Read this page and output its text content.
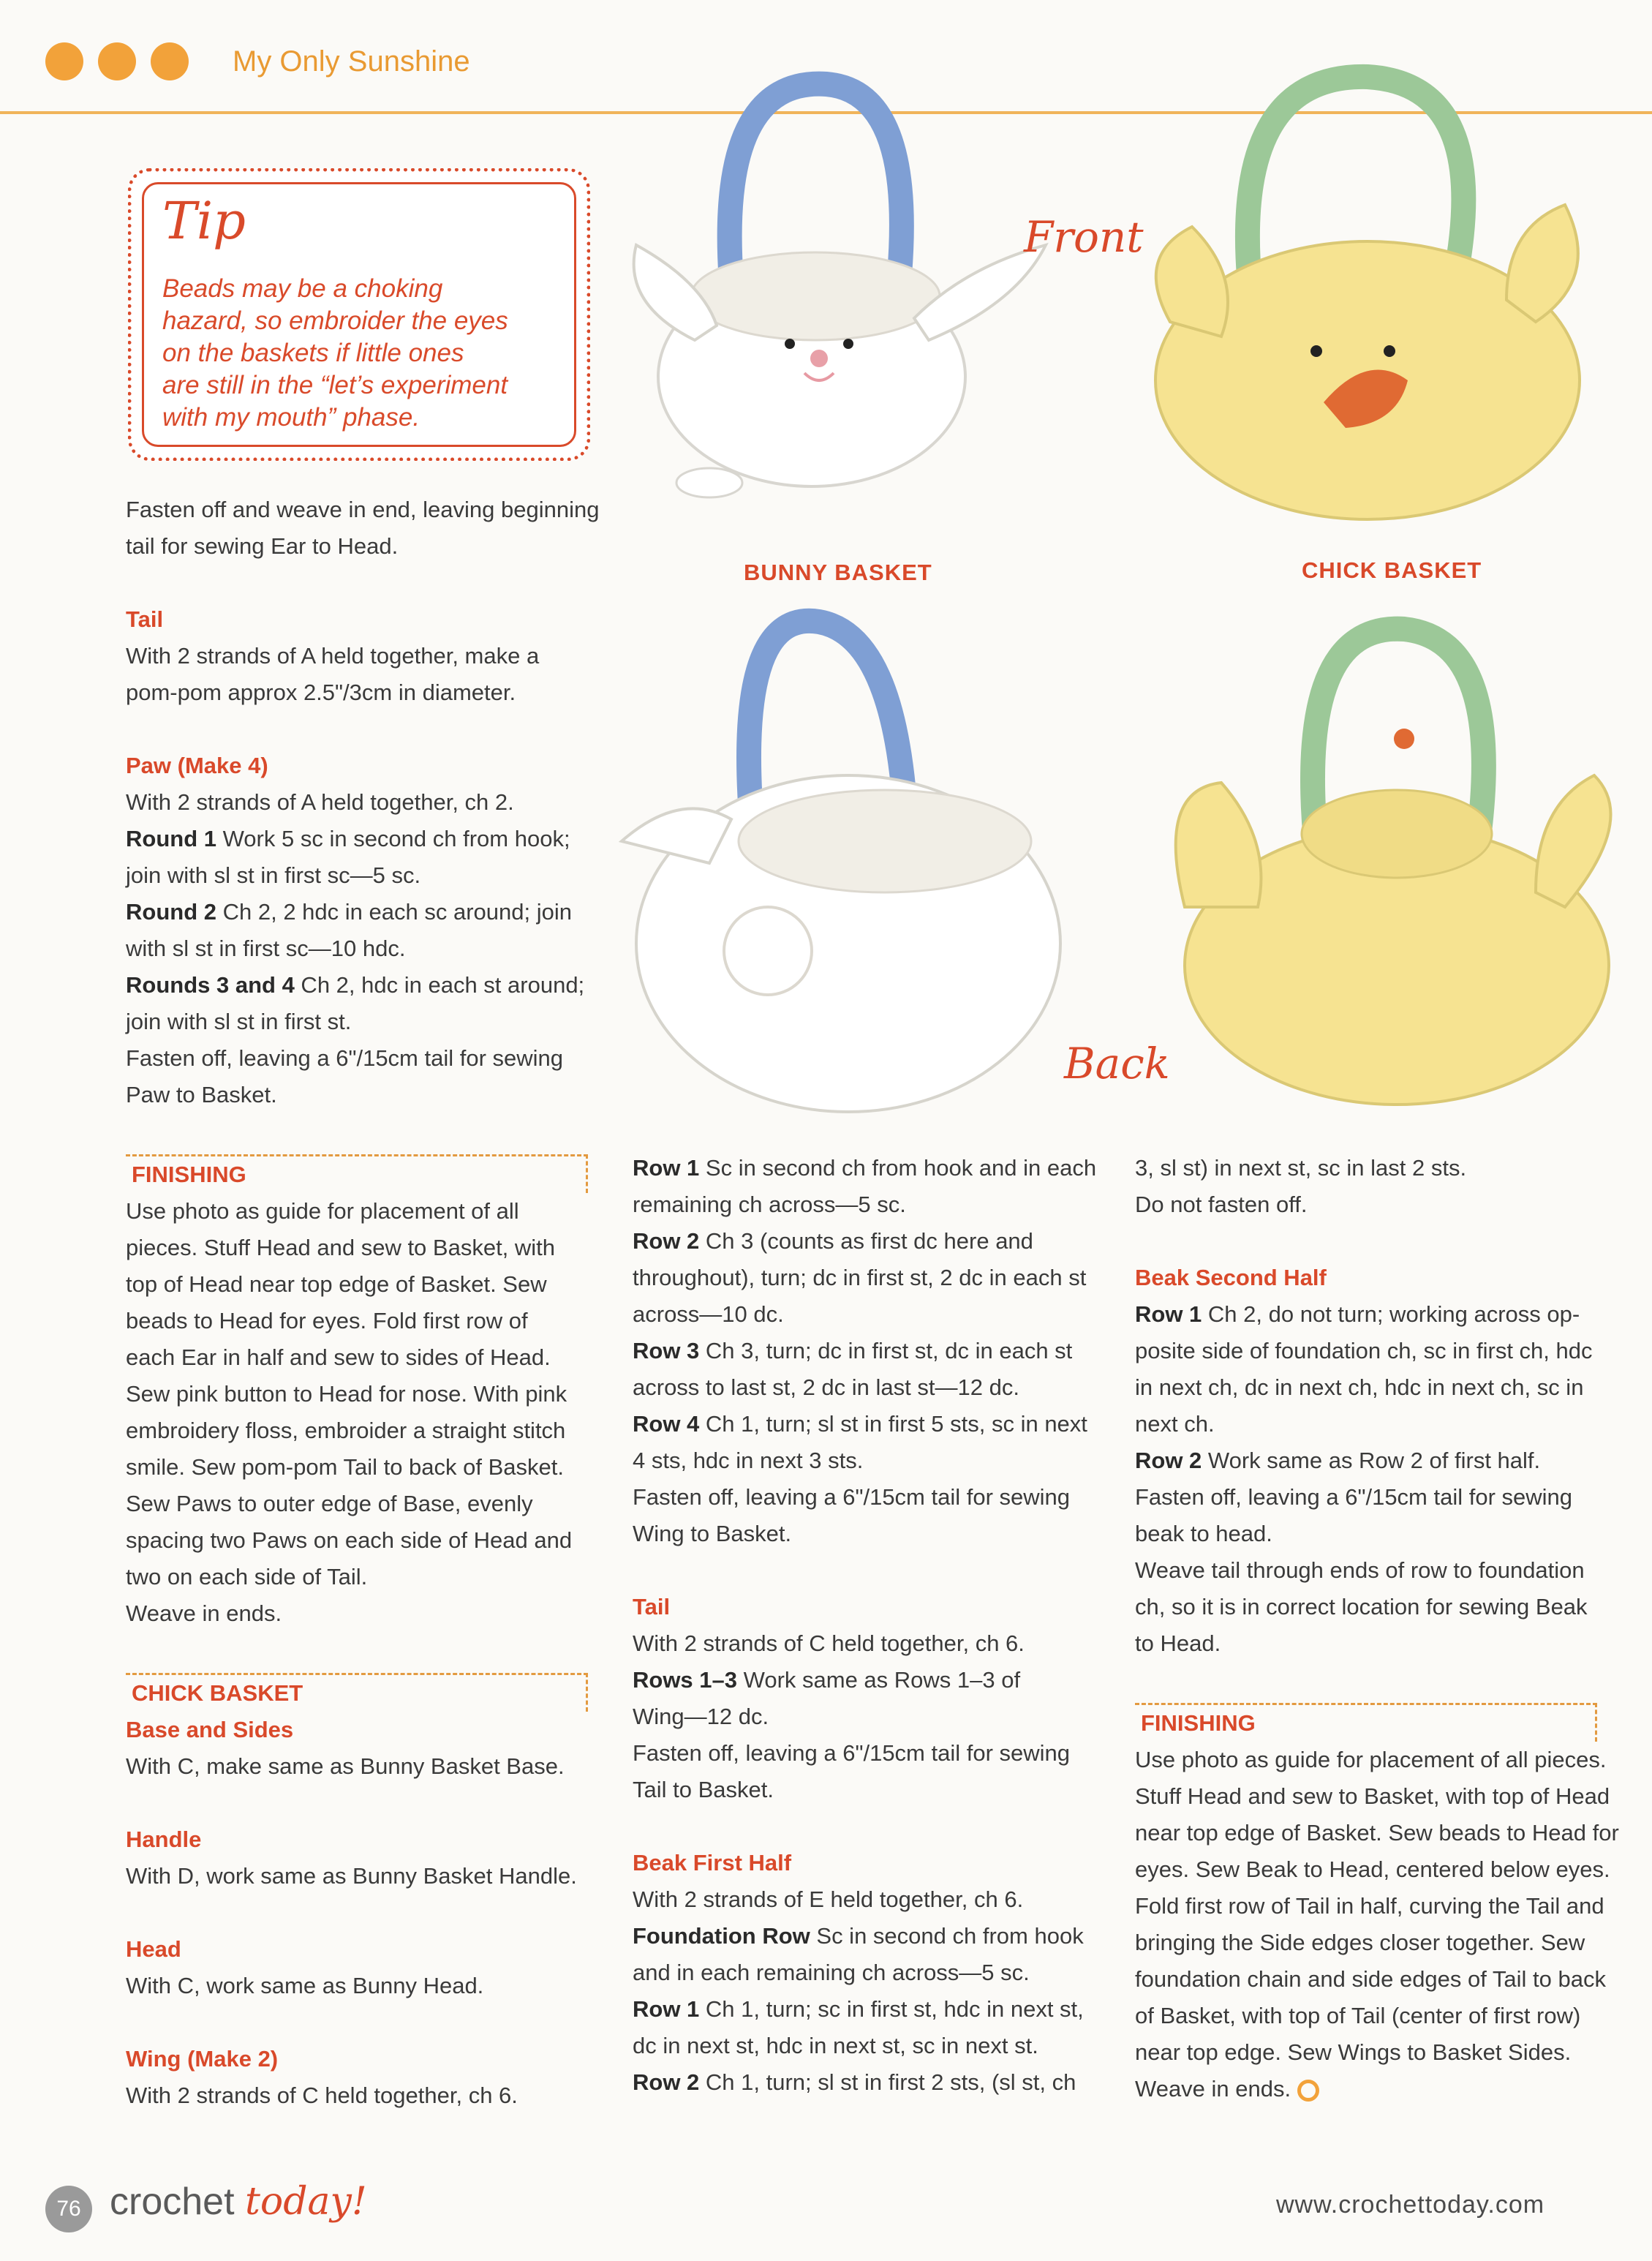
My Only Sunshine
Tip
Beads may be a choking
hazard, so embroider the eyes
on the baskets if little ones
are still in the “let’s experiment
with my mouth” phase.
BUNNY BASKET	CHICK BASKET
Front
Back

Fasten off and weave in end, leaving beginning

tail for sewing Ear to Head.

Tail

With 2 strands of A held together, make a

pom-pom approx 2.5"/3cm in diameter.

Paw (Make 4)

With 2 strands of A held together, ch 2.

Round 1 Work 5 sc in second ch from hook;

join with sl st in first sc—5 sc.

Round 2 Ch 2, 2 hdc in each sc around; join

with sl st in first sc—10 hdc.

Rounds 3 and 4 Ch 2, hdc in each st around;

join with sl st in first st.

Fasten off, leaving a 6"/15cm tail for sewing

Paw to Basket.

FINISHING

Use photo as guide for placement of all

pieces. Stuff Head and sew to Basket, with

top of Head near top edge of Basket. Sew

beads to Head for eyes. Fold first row of

each Ear in half and sew to sides of Head.

Sew pink button to Head for nose. With pink

embroidery floss, embroider a straight stitch

smile. Sew pom-pom Tail to back of Basket.

Sew Paws to outer edge of Base, evenly

spacing two Paws on each side of Head and

two on each side of Tail.

Weave in ends.

CHICK BASKET

Base and Sides

With C, make same as Bunny Basket Base.

Handle

With D, work same as Bunny Basket Handle.

Head

With C, work same as Bunny Head.

Wing (Make 2)

With 2 strands of C held together, ch 6.

Row 1 Sc in second ch from hook and in each

remaining ch across—5 sc.

Row 2 Ch 3 (counts as first dc here and

throughout), turn; dc in first st, 2 dc in each st

across—10 dc.

Row 3 Ch 3, turn; dc in first st, dc in each st

across to last st, 2 dc in last st—12 dc.

Row 4 Ch 1, turn; sl st in first 5 sts, sc in next

4 sts, hdc in next 3 sts.

Fasten off, leaving a 6"/15cm tail for sewing

Wing to Basket.

Tail

With 2 strands of C held together, ch 6.

Rows 1–3 Work same as Rows 1–3 of

Wing—12 dc.

Fasten off, leaving a 6"/15cm tail for sewing

Tail to Basket.

Beak First Half

With 2 strands of E held together, ch 6.

Foundation Row Sc in second ch from hook

and in each remaining ch across—5 sc.

Row 1 Ch 1, turn; sc in first st, hdc in next st,

dc in next st, hdc in next st, sc in next st.

Row 2 Ch 1, turn; sl st in first 2 sts, (sl st, ch

3, sl st) in next st, sc in last 2 sts.

Do not fasten off.

Beak Second Half

Row 1 Ch 2, do not turn; working across op-

posite side of foundation ch, sc in first ch, hdc

in next ch, dc in next ch, hdc in next ch, sc in

next ch.

Row 2 Work same as Row 2 of first half.

Fasten off, leaving a 6"/15cm tail for sewing

beak to head.

Weave tail through ends of row to foundation

ch, so it is in correct location for sewing Beak

to Head.

FINISHING

Use photo as guide for placement of all pieces.

Stuff Head and sew to Basket, with top of Head

near top edge of Basket. Sew beads to Head for

eyes. Sew Beak to Head, centered below eyes.

Fold first row of Tail in half, curving the Tail and

bringing the Side edges closer together. Sew

foundation chain and side edges of Tail to back

of Basket, with top of Tail (center of first row)

near top edge. Sew Wings to Basket Sides.

Weave in ends.

76 crochet today!	www.crochettoday.com
